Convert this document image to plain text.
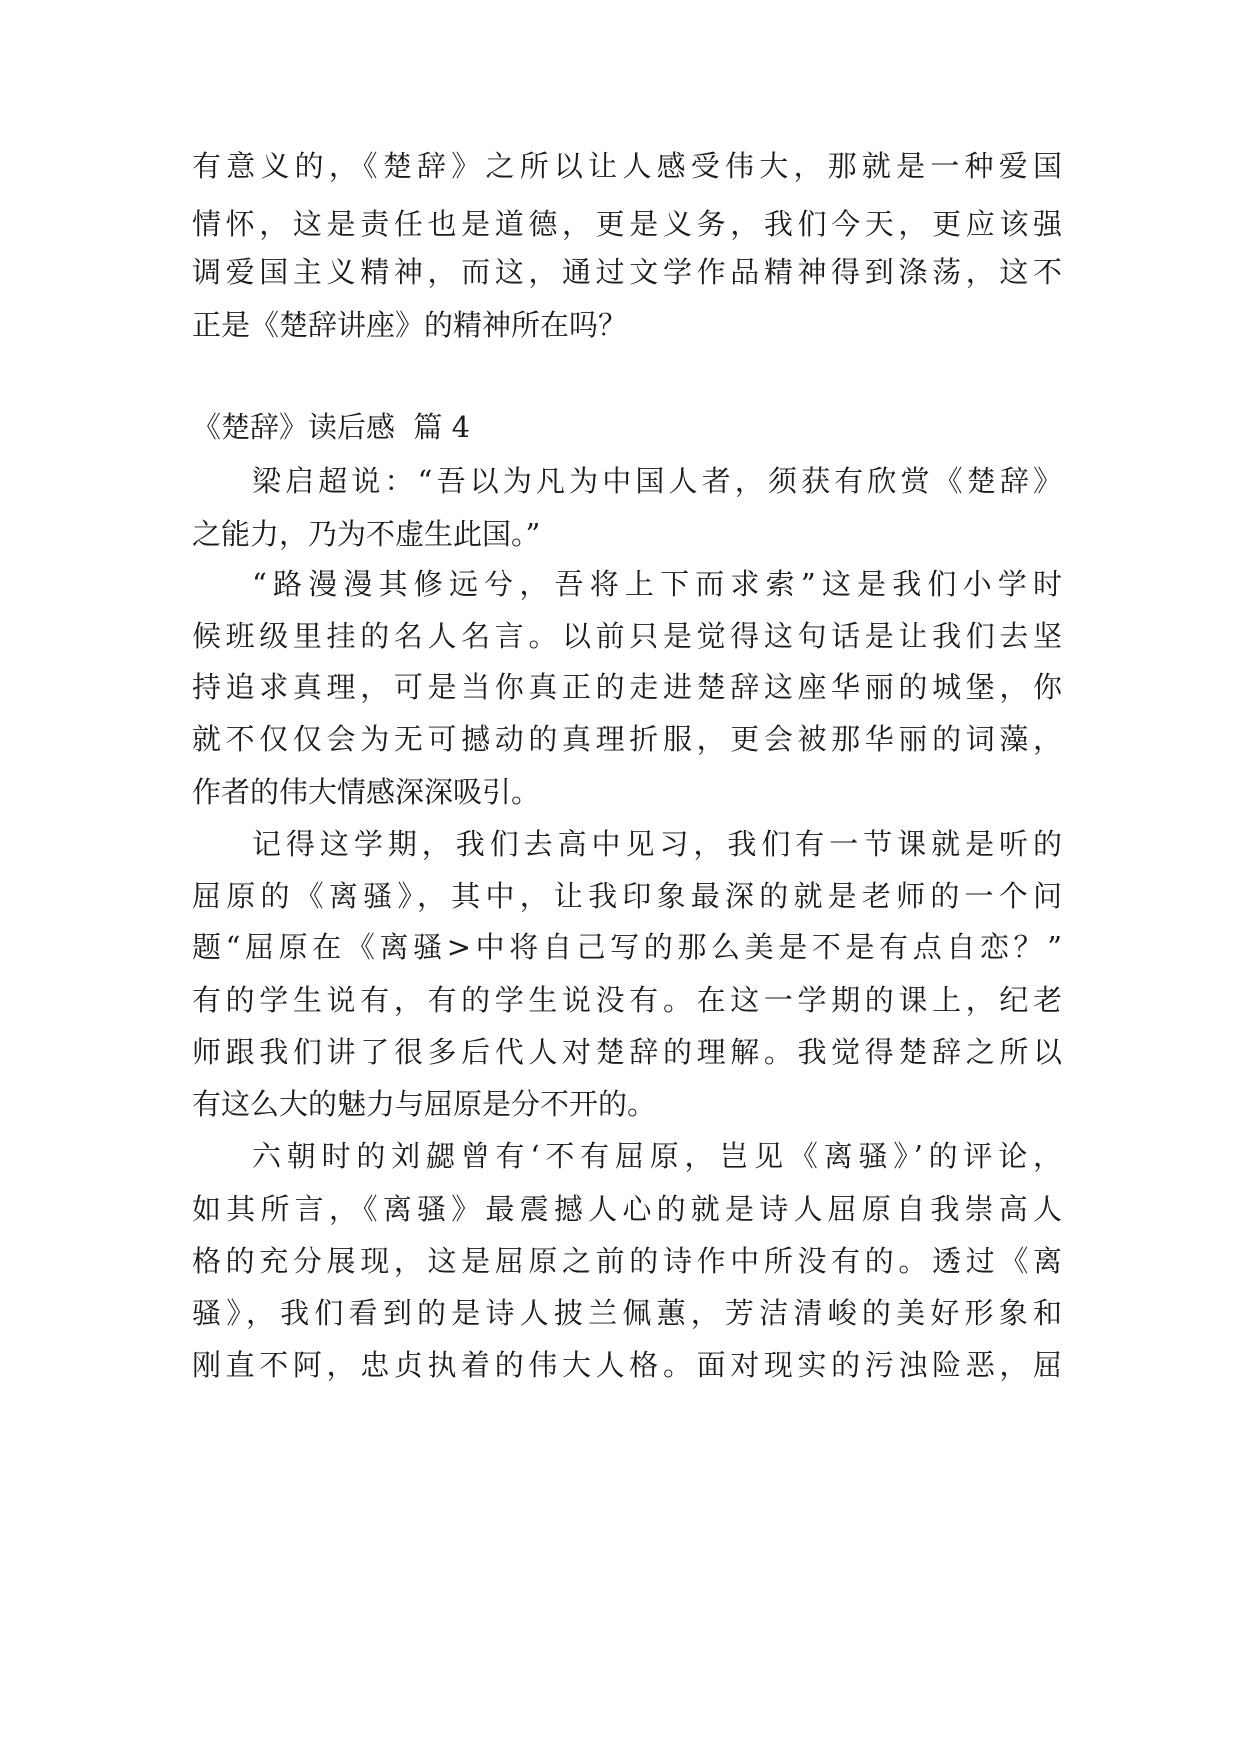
有意义的，《楚辞》之所以让人感受伟大，那就是一种爱国
情怀，这是责任也是道德，更是义务，我们今天，更应该强
调爱国主义精神，而这，通过文学作品精神得到涤荡，这不
正是《楚辞讲座》的精神所在吗？
《楚辞》读后感  篇 4
梁启超说：“吾以为凡为中国人者，须获有欣赏《楚辞》
之能力，乃为不虚生此国。”
“路漫漫其修远兮，吾将上下而求索”这是我们小学时
候班级里挂的名人名言。以前只是觉得这句话是让我们去坚
持追求真理，可是当你真正的走进楚辞这座华丽的城堡，你
就不仅仅会为无可撼动的真理折服，更会被那华丽的词藻，
作者的伟大情感深深吸引。
记得这学期，我们去高中见习，我们有一节课就是听的
屈原的《离骚》，其中，让我印象最深的就是老师的一个问
题“屈原在《离骚>中将自己写的那么美是不是有点自恋？”
有的学生说有，有的学生说没有。在这一学期的课上，纪老
师跟我们讲了很多后代人对楚辞的理解。我觉得楚辞之所以
有这么大的魅力与屈原是分不开的。
六朝时的刘勰曾有‘不有屈原，岂见《离骚》’的评论，
如其所言，《离骚》最震撼人心的就是诗人屈原自我崇高人
格的充分展现，这是屈原之前的诗作中所没有的。透过《离
骚》，我们看到的是诗人披兰佩蕙，芳洁清峻的美好形象和
刚直不阿，忠贞执着的伟大人格。面对现实的污浊险恶，屈
